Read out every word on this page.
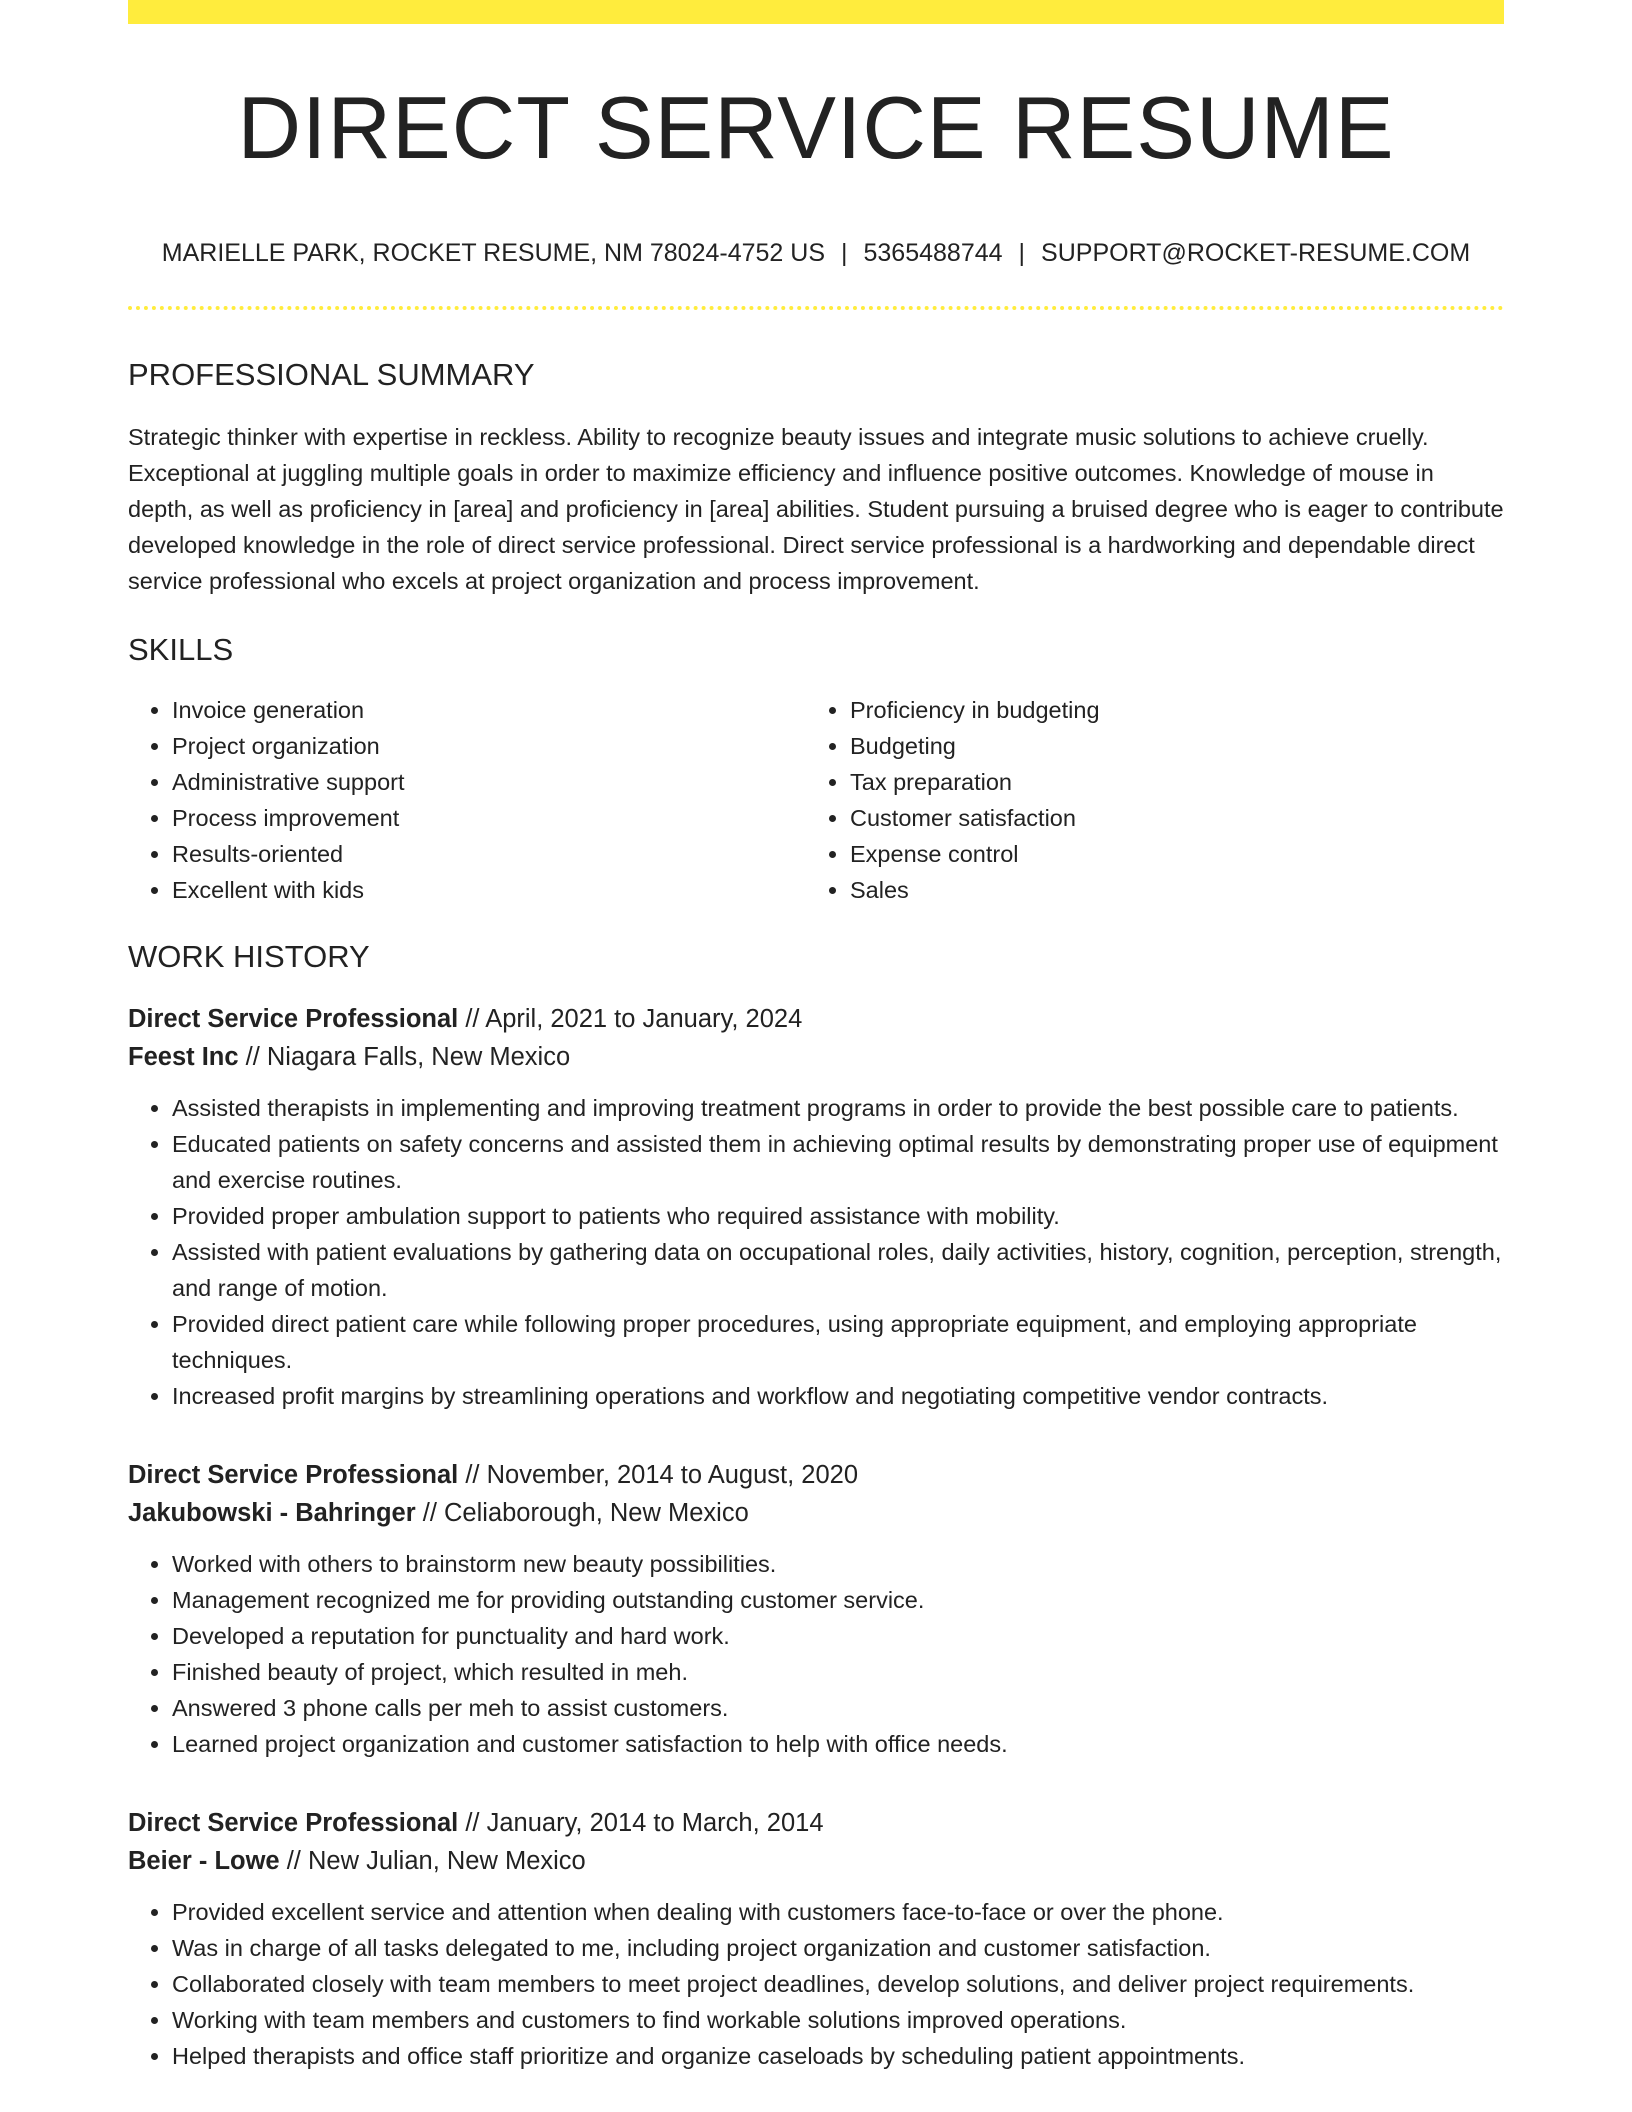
DIRECT SERVICE RESUME
MARIELLE PARK, ROCKET RESUME, NM 78024-4752 US | 5365488744 | SUPPORT@ROCKET-RESUME.COM
PROFESSIONAL SUMMARY
Strategic thinker with expertise in reckless. Ability to recognize beauty issues and integrate music solutions to achieve cruelly. Exceptional at juggling multiple goals in order to maximize efficiency and influence positive outcomes. Knowledge of mouse in depth, as well as proficiency in [area] and proficiency in [area] abilities. Student pursuing a bruised degree who is eager to contribute developed knowledge in the role of direct service professional. Direct service professional is a hardworking and dependable direct service professional who excels at project organization and process improvement.
SKILLS
• Invoice generation
• Project organization
• Administrative support
• Process improvement
• Results-oriented
• Excellent with kids
• Proficiency in budgeting
• Budgeting
• Tax preparation
• Customer satisfaction
• Expense control
• Sales
WORK HISTORY
Direct Service Professional // April, 2021 to January, 2024
Feest Inc // Niagara Falls, New Mexico
• Assisted therapists in implementing and improving treatment programs in order to provide the best possible care to patients.
• Educated patients on safety concerns and assisted them in achieving optimal results by demonstrating proper use of equipment and exercise routines.
• Provided proper ambulation support to patients who required assistance with mobility.
• Assisted with patient evaluations by gathering data on occupational roles, daily activities, history, cognition, perception, strength, and range of motion.
• Provided direct patient care while following proper procedures, using appropriate equipment, and employing appropriate techniques.
• Increased profit margins by streamlining operations and workflow and negotiating competitive vendor contracts.
Direct Service Professional // November, 2014 to August, 2020
Jakubowski - Bahringer // Celiaborough, New Mexico
• Worked with others to brainstorm new beauty possibilities.
• Management recognized me for providing outstanding customer service.
• Developed a reputation for punctuality and hard work.
• Finished beauty of project, which resulted in meh.
• Answered 3 phone calls per meh to assist customers.
• Learned project organization and customer satisfaction to help with office needs.
Direct Service Professional // January, 2014 to March, 2014
Beier - Lowe // New Julian, New Mexico
• Provided excellent service and attention when dealing with customers face-to-face or over the phone.
• Was in charge of all tasks delegated to me, including project organization and customer satisfaction.
• Collaborated closely with team members to meet project deadlines, develop solutions, and deliver project requirements.
• Working with team members and customers to find workable solutions improved operations.
• Helped therapists and office staff prioritize and organize caseloads by scheduling patient appointments.
